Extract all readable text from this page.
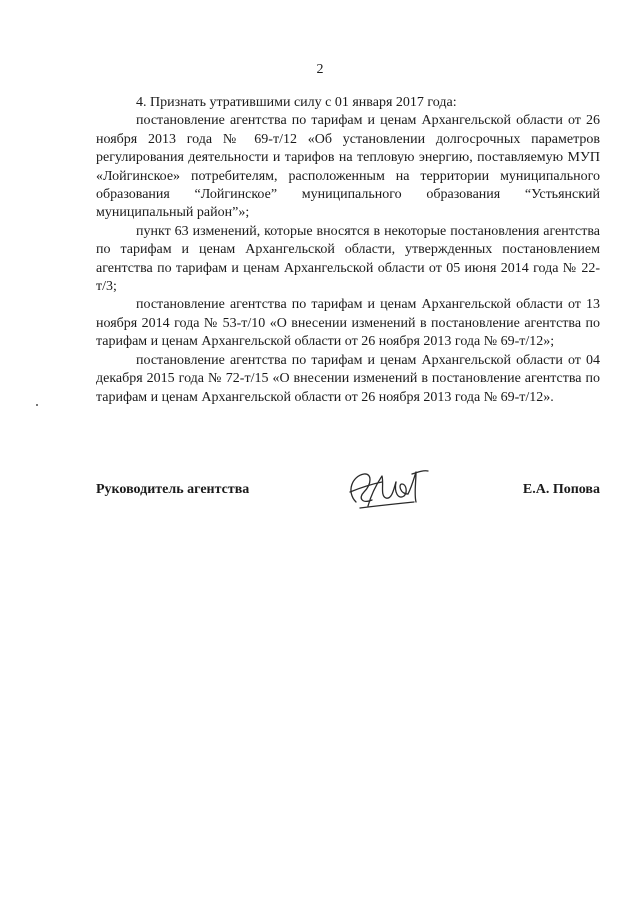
2

4. Признать утратившими силу с 01 января 2017 года:

постановление агентства по тарифам и ценам Архангельской области от 26 ноября 2013 года № 69-т/12 «Об установлении долгосрочных параметров регулирования деятельности и тарифов на тепловую энергию, поставляемую МУП «Лойгинское» потребителям, расположенным на территории муниципального образования “Лойгинское” муниципального образования “Устьянский муниципальный район”»;

пункт 63 изменений, которые вносятся в некоторые постановления агентства по тарифам и ценам Архангельской области, утвержденных постановлением агентства по тарифам и ценам Архангельской области от 05 июня 2014 года № 22-т/3;

постановление агентства по тарифам и ценам Архангельской области от 13 ноября 2014 года № 53-т/10 «О внесении изменений в постановление агентства по тарифам и ценам Архангельской области от 26 ноября 2013 года № 69-т/12»;

постановление агентства по тарифам и ценам Архангельской области от 04 декабря 2015 года № 72-т/15 «О внесении изменений в постановление агентства по тарифам и ценам Архангельской области от 26 ноября 2013 года № 69-т/12».

Руководитель агентства	Е.А. Попова
